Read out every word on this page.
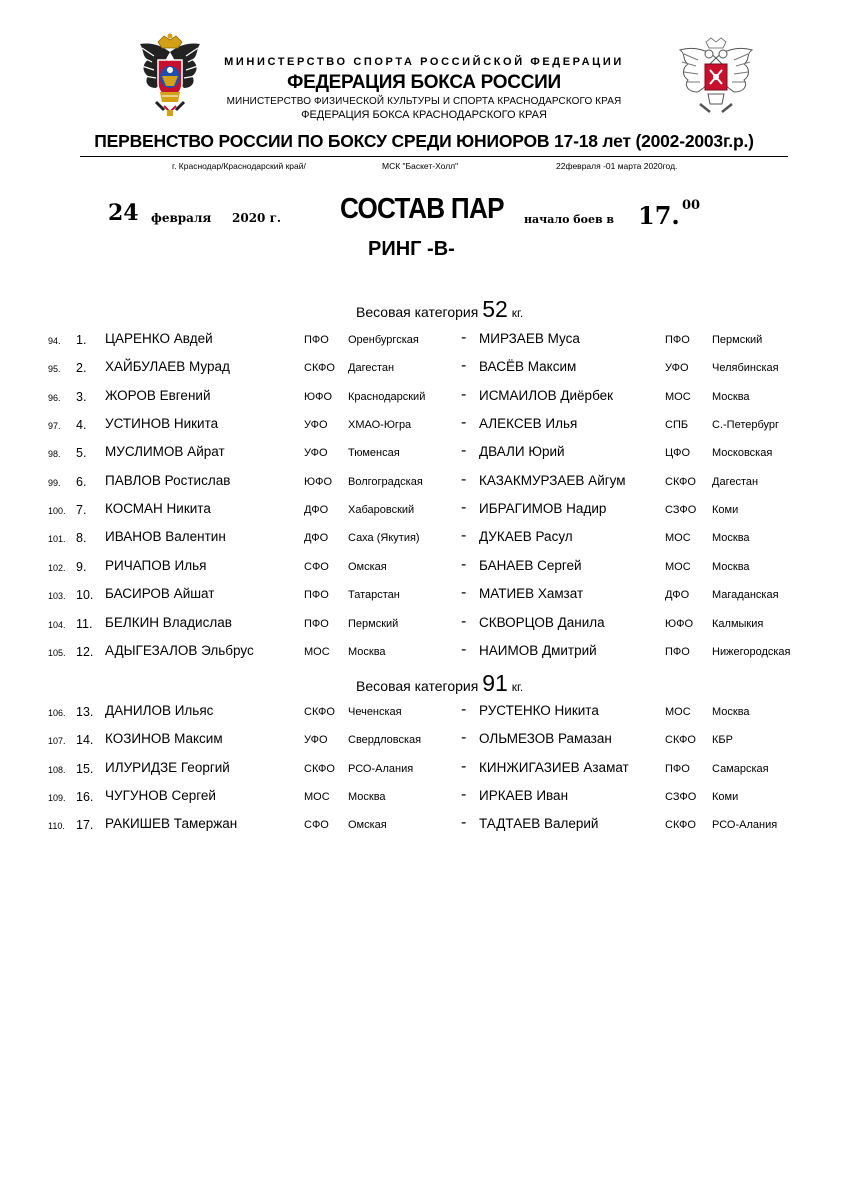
МИНИСТЕРСТВО СПОРТА РОССИЙСКОЙ ФЕДЕРАЦИИ
ФЕДЕРАЦИЯ БОКСА РОССИИ
МИНИСТЕРСТВО ФИЗИЧЕСКОЙ КУЛЬТУРЫ И СПОРТА КРАСНОДАРСКОГО КРАЯ
ФЕДЕРАЦИЯ БОКСА КРАСНОДАРСКОГО КРАЯ
ПЕРВЕНСТВО РОССИИ ПО БОКСУ СРЕДИ ЮНИОРОВ 17-18 лет (2002-2003г.р.)
г. Краснодар/Краснодарский край/	МСК "Баскет-Холл"	22февраля -01 марта 2020год.
24 февраля 2020 г. СОСТАВ ПАР начало боев в 17. 00
РИНГ -В-
Весовая категория 52 кг.
94. 1. ЦАРЕНКО Авдей	ПФО	Оренбургская	- МИРЗАЕВ Муса	ПФО Пермский
95. 2. ХАЙБУЛАЕВ Мурад	СКФО	Дагестан	- ВАСЁВ Максим	УФО Челябинская
96. 3. ЖОРОВ Евгений	ЮФО	Краснодарский - ИСМАИЛОВ Диёрбек	МОС Москва
97. 4. УСТИНОВ Никита	УФО	ХМАО-Югра	- АЛЕКСЕВ Илья	СПБ С.-Петербург
98. 5. МУСЛИМОВ Айрат	УФО	Тюменсая	- ДВАЛИ Юрий	ЦФО Московская
99. 6. ПАВЛОВ Ростислав	ЮФО	Волгоградская - КАЗАКМУРЗАЕВ Айгум	СКФО Дагестан
100. 7. КОСМАН Никита	ДФО	Хабаровский	- ИБРАГИМОВ Надир	СЗФО Коми
101. 8. ИВАНОВ Валентин	ДФО	Саха (Якутия)	- ДУКАЕВ Расул	МОС Москва
102. 9. РИЧАПОВ Илья	СФО	Омская	- БАНАЕВ Сергей	МОС Москва
103. 10. БАСИРОВ Айшат	ПФО	Татарстан	- МАТИЕВ Хамзат	ДФО Магаданская
104. 11. БЕЛКИН Владислав	ПФО	Пермский	- СКВОРЦОВ Данила	ЮФО Калмыкия
105. 12. АДЫГЕЗАЛОВ Эльбрус	МОС	Москва	- НАИМОВ Дмитрий	ПФО Нижегородская
Весовая категория 91 кг.
106. 13. ДАНИЛОВ Ильяс	СКФО	Чеченская	- РУСТЕНКО Никита	МОС Москва
107. 14. КОЗИНОВ Максим	УФО	Свердловская - ОЛЬМЕЗОВ Рамазан	СКФО КБР
108. 15. ИЛУРИДЗЕ Георгий	СКФО	РСО-Алания	- КИНЖИГАЗИЕВ Азамат	ПФО Самарская
109. 16. ЧУГУНОВ Сергей	МОС	Москва	- ИРКАЕВ Иван	СЗФО Коми
110. 17. РАКИШЕВ Тамержан	СФО	Омская	- ТАДТАЕВ Валерий	СКФО РСО-Алания
